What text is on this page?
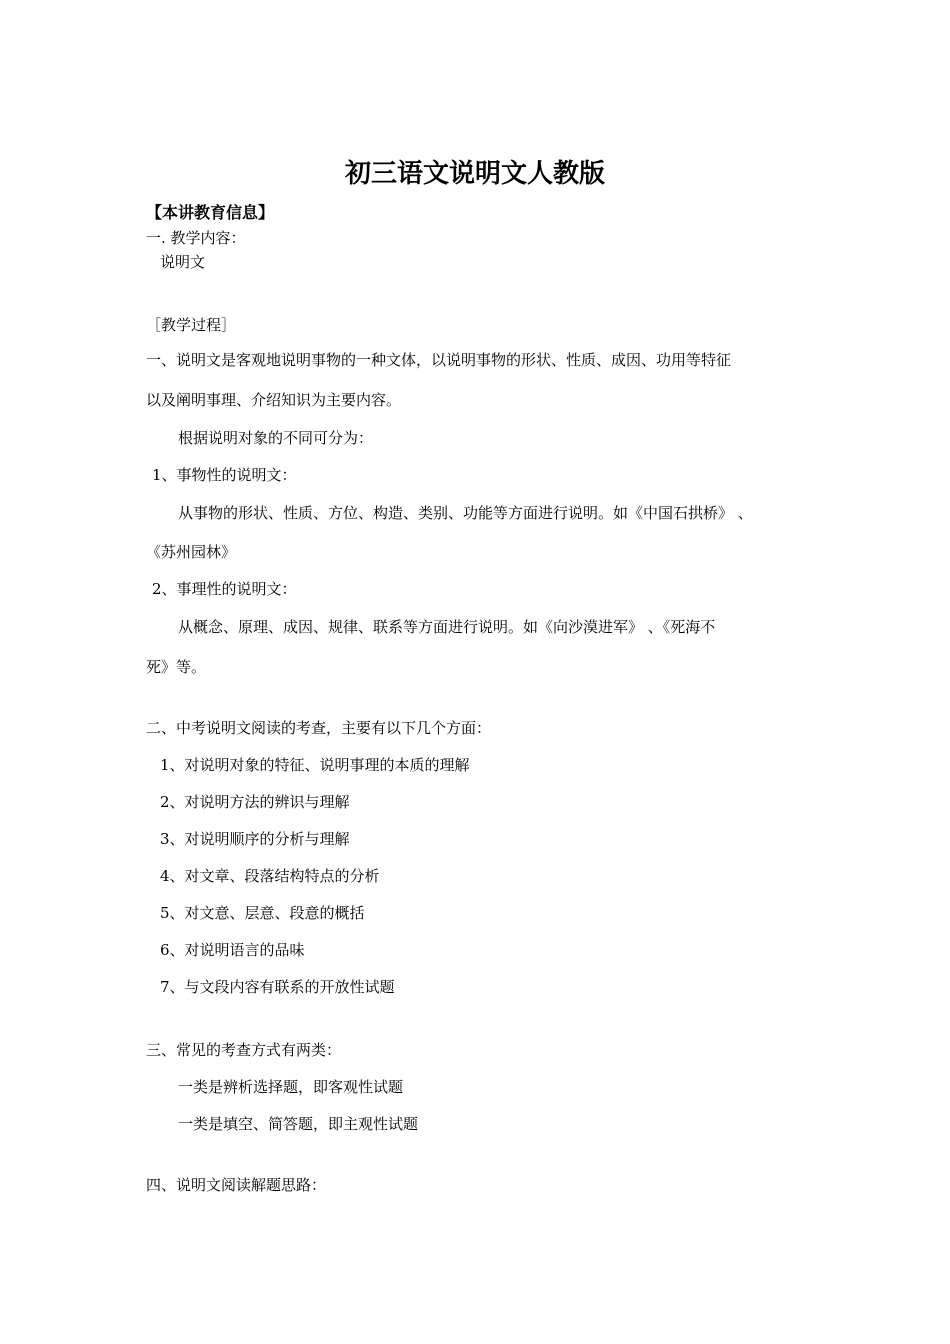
初三语文说明文人教版
【本讲教育信息】
一. 教学内容：
说明文
［教学过程］
一、说明文是客观地说明事物的一种文体，以说明事物的形状、性质、成因、功用等特征
以及阐明事理、介绍知识为主要内容。
根据说明对象的不同可分为：
1、事物性的说明文：
从事物的形状、性质、方位、构造、类别、功能等方面进行说明。如《中国石拱桥》 、
《苏州园林》
2、事理性的说明文：
从概念、原理、成因、规律、联系等方面进行说明。如《向沙漠进军》 、《死海不
死》等。
二、中考说明文阅读的考查，主要有以下几个方面：
1、对说明对象的特征、说明事理的本质的理解
2、对说明方法的辨识与理解
3、对说明顺序的分析与理解
4、对文章、段落结构特点的分析
5、对文意、层意、段意的概括
6、对说明语言的品味
7、与文段内容有联系的开放性试题
三、常见的考查方式有两类：
一类是辨析选择题，即客观性试题
一类是填空、简答题，即主观性试题
四、说明文阅读解题思路：
